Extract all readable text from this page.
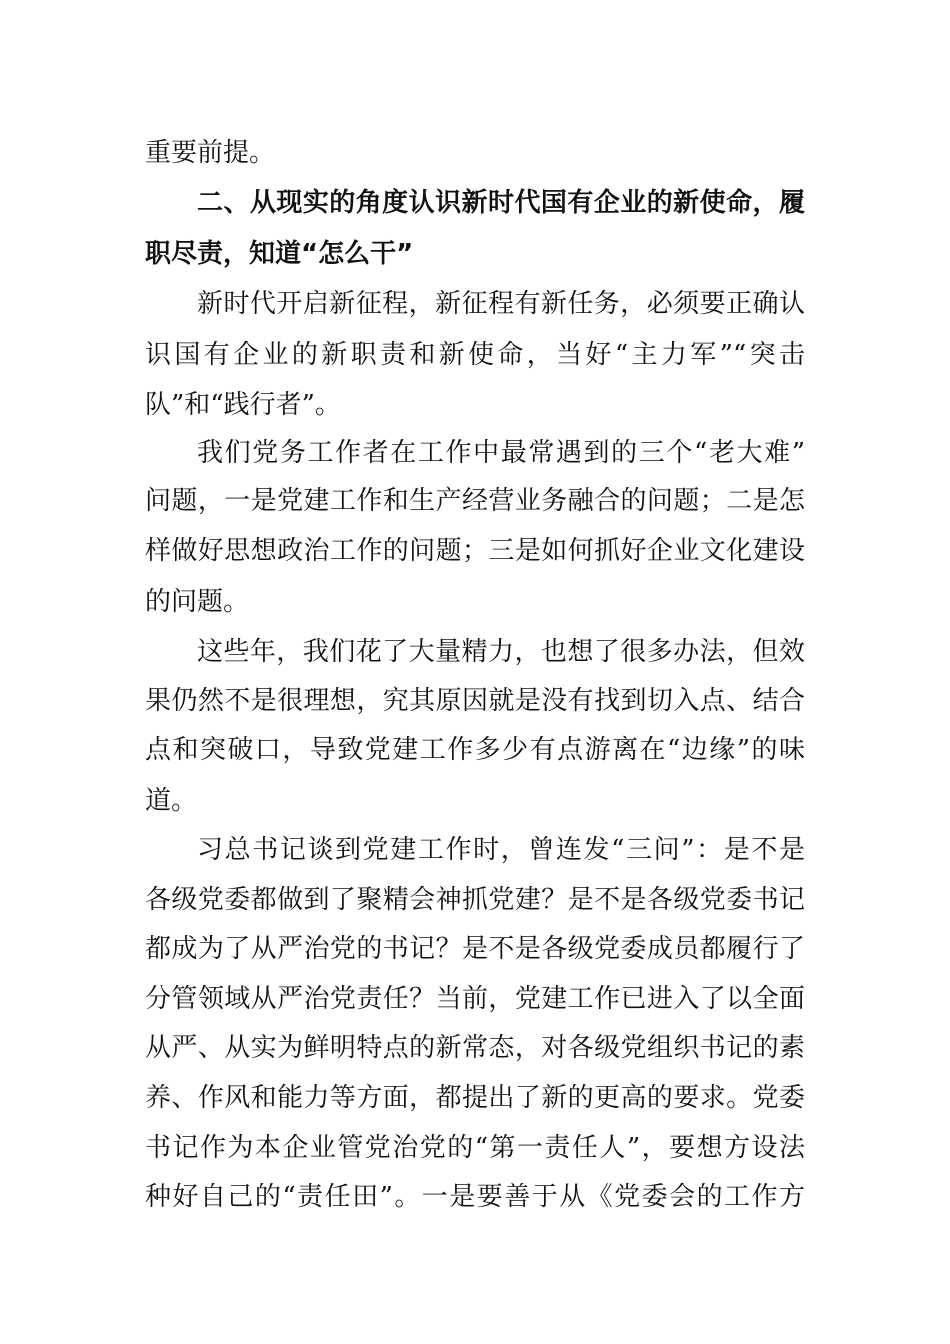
重要前提。
二、从现实的角度认识新时代国有企业的新使命，履
职尽责，知道“怎么干”
新时代开启新征程，新征程有新任务，必须要正确认
识国有企业的新职责和新使命，当好“主力军”“突击
队”和“践行者”。
我们党务工作者在工作中最常遇到的三个“老大难”
问题，一是党建工作和生产经营业务融合的问题；二是怎
样做好思想政治工作的问题；三是如何抓好企业文化建设
的问题。
这些年，我们花了大量精力，也想了很多办法，但效
果仍然不是很理想，究其原因就是没有找到切入点、结合
点和突破口，导致党建工作多少有点游离在“边缘”的味
道。
习总书记谈到党建工作时，曾连发“三问”：是不是
各级党委都做到了聚精会神抓党建？是不是各级党委书记
都成为了从严治党的书记？是不是各级党委成员都履行了
分管领域从严治党责任？当前，党建工作已进入了以全面
从严、从实为鲜明特点的新常态，对各级党组织书记的素
养、作风和能力等方面，都提出了新的更高的要求。党委
书记作为本企业管党治党的“第一责任人”，要想方设法
种好自己的“责任田”。一是要善于从《党委会的工作方
